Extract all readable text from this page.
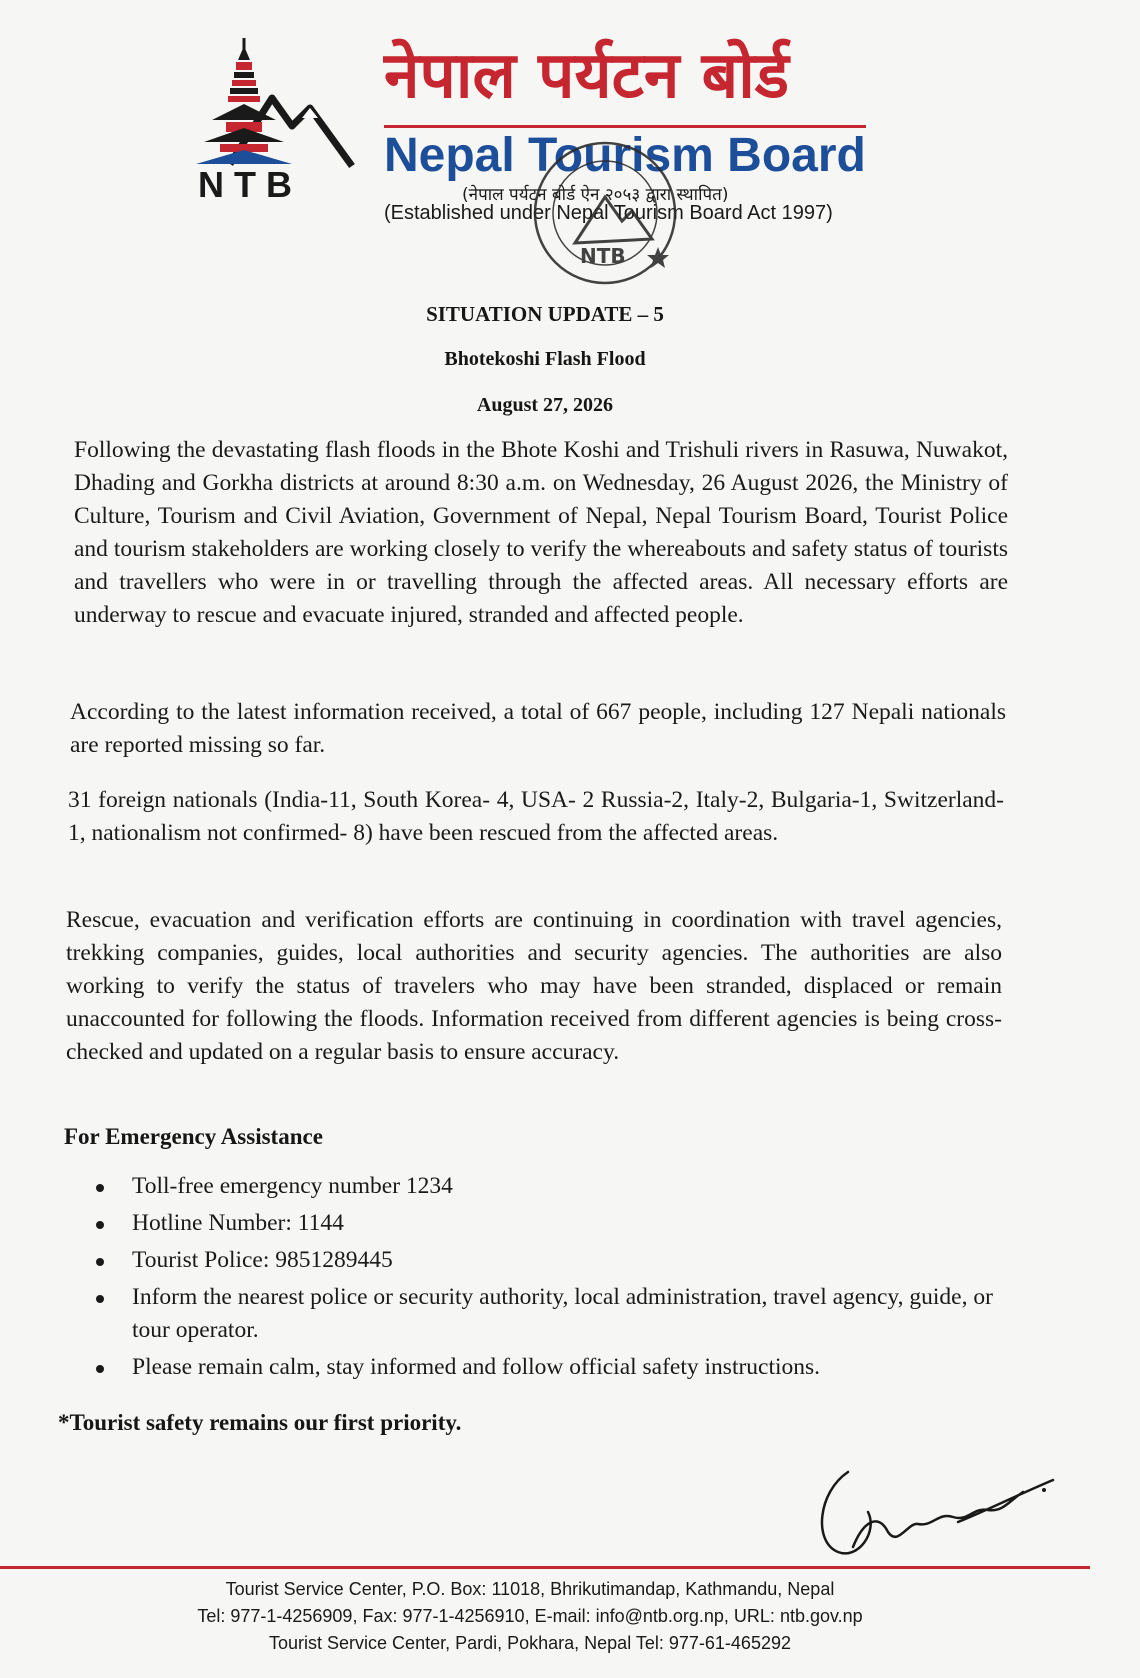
NTB
नेपाल पर्यटन बोर्ड
Nepal Tourism Board
(नेपाल पर्यटन बोर्ड ऐन २०५३ द्वारा स्थापित)
(Established under Nepal Tourism Board Act 1997)
NTB
SITUATION UPDATE – 5
Bhotekoshi Flash Flood
August 27, 2026

Following the devastating flash floods in the Bhote Koshi and Trishuli rivers in Rasuwa, Nuwakot, Dhading and Gorkha districts at around 8:30 a.m. on Wednesday, 26 August 2026, the Ministry of Culture, Tourism and Civil Aviation, Government of Nepal, Nepal Tourism Board, Tourist Police and tourism stakeholders are working closely to verify the whereabouts and safety status of tourists and travellers who were in or travelling through the affected areas. All necessary efforts are underway to rescue and evacuate injured, stranded and affected people.

According to the latest information received, a total of 667 people, including 127 Nepali nationals are reported missing so far.

31 foreign nationals (India-11, South Korea- 4, USA- 2 Russia-2, Italy-2, Bulgaria-1, Switzerland-1, nationalism not confirmed- 8) have been rescued from the affected areas.

Rescue, evacuation and verification efforts are continuing in coordination with travel agencies, trekking companies, guides, local authorities and security agencies. The authorities are also working to verify the status of travelers who may have been stranded, displaced or remain unaccounted for following the floods. Information received from different agencies is being cross-checked and updated on a regular basis to ensure accuracy.

For Emergency Assistance
Toll-free emergency number 1234
Hotline Number: 1144
Tourist Police: 9851289445
Inform the nearest police or security authority, local administration, travel agency, guide, or tour operator.
Please remain calm, stay informed and follow official safety instructions.
*Tourist safety remains our first priority.
Tourist Service Center, P.O. Box: 11018, Bhrikutimandap, Kathmandu, Nepal
Tel: 977-1-4256909, Fax: 977-1-4256910, E-mail: info@ntb.org.np, URL: ntb.gov.np
Tourist Service Center, Pardi, Pokhara, Nepal Tel: 977-61-465292
